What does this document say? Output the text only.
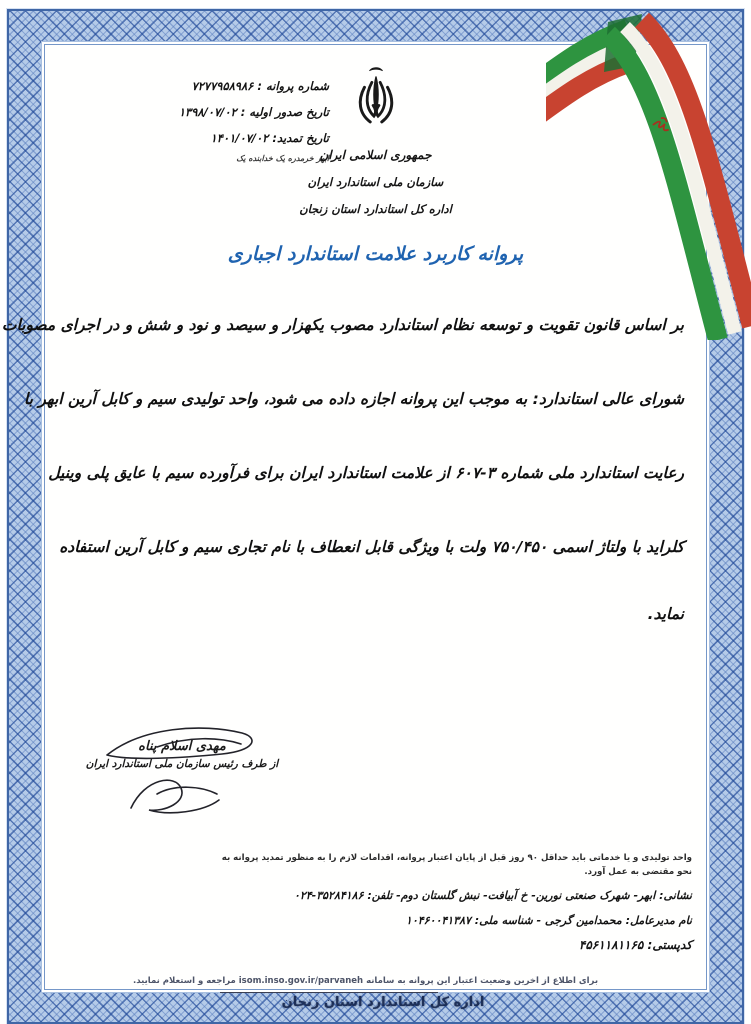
شماره پروانه : ۷۲۷۷۹۵۸۹۸۶
تاریخ صدور اولیه : ۱۳۹۸/۰۷/۰۲
تاریخ تمدید: ۱۴۰۱/۰۷/۰۲
ابهر خرمدره یک خدابنده یک
جمهوری اسلامی ایران
سازمان ملی استاندارد ایران
اداره کل استاندارد استان زنجان
پروانه کاربرد علامت استاندارد اجباری
بر اساس قانون تقویت و توسعه نظام استاندارد مصوب یکهزار و سیصد و نود و شش و در اجرای مصوبات
شورای عالی استاندارد: به موجب این پروانه اجازه داده می شود، واحد تولیدی سیم و کابل آرین ابهر با
رعایت استاندارد ملی شماره ۳-۶۰۷ از علامت استاندارد ایران برای فرآورده سیم با عایق پلی وینیل
کلراید با ولتاژ اسمی ۷۵۰/۴۵۰ ولت با ویژگی قابل انعطاف با نام تجاری سیم و کابل آرین استفاده
نماید.
مهدی اسلام پناه
از طرف رئیس سازمان ملی استاندارد ایران
واحد تولیدی و یا خدماتی باید حداقل ۹۰ روز قبل از پایان اعتبار پروانه، اقدامات لازم را به منظور تمدید پروانه به نحو مقتضی به عمل آورد.
نشانی: ابهر- شهرک صنعتی نورین- خ آبیافت- نبش گلستان دوم- تلفن: ۳۵۲۸۴۱۸۶-۰۲۴
نام مدیرعامل: محمدامین گرجی - شناسه ملی: ۱۰۴۶۰۰۴۱۳۸۷
کدپستی: ۴۵۶۱۱۸۱۱۶۵
برای اطلاع از آخرین وضعیت اعتبار این پروانه به سامانه isom.inso.gov.ir/parvaneh مراجعه و استعلام نمایید.
اداره کل استاندارد استان زنجان
